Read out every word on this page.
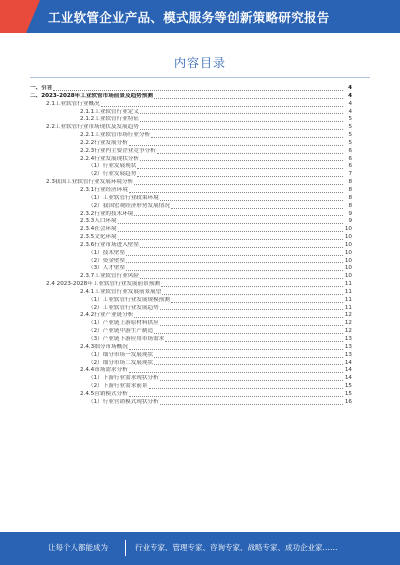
工业软管企业产品、模式服务等创新策略研究报告
内容目录
一、引言	4
二、2023-2028年工业软管市场前景及趋势预测	4
2.1工业软管行业概况	4
2.1.1工业软管行业定义	4
2.1.2工业软管行业特征	5
2.2工业软管行业市场现状及发展趋势	5
2.2.1工业软管市场行业分析	5
2.2.2行业发展分析	5
2.2.3行业内主要企业竞争分析	6
2.2.4行业发展现状分析	6
（1）行业发展现状	6
（2）行业发展趋势	7
2.3我国工业软管行业发展环境分析	8
2.3.1行业经济环境	8
（1）工业软管行业政策环境	8
（2）我国宏观经济形势发展情况	8
2.3.2行业的技术环境	9
2.3.3人口环境	9
2.3.4社会环境	10
2.3.5文化环境	10
2.3.6行业市场进入壁垒	10
（1）技术壁垒	10
（2）资金壁垒	10
（3）人才壁垒	10
2.3.7工业软管行业风险	10
2.4 2023-2028年工业软管行业发展前景预测	11
2.4.1工业软管行业发展前景展望	11
（1）工业软管行业发展规模预测	11
（2）工业软管行业发展趋势	11
2.4.2行业产业链分析	12
（1）产业链上游原材料供应	12
（2）产业链中游生产制造	12
（3）产业链下游应用市场需求	13
2.4.3细分市场概况	13
（1）细分市场一发展现状	13
（2）细分市场二发展现状	14
2.4.4市场需求分析	14
（1）下游行业需求现状分析	14
（2）下游行业需求前景	15
2.4.5营销模式分析	15
（1）行业营销模式现状分析	16
让每个人都能成为	行业专家、管理专家、咨询专家、战略专家、成功企业家……
